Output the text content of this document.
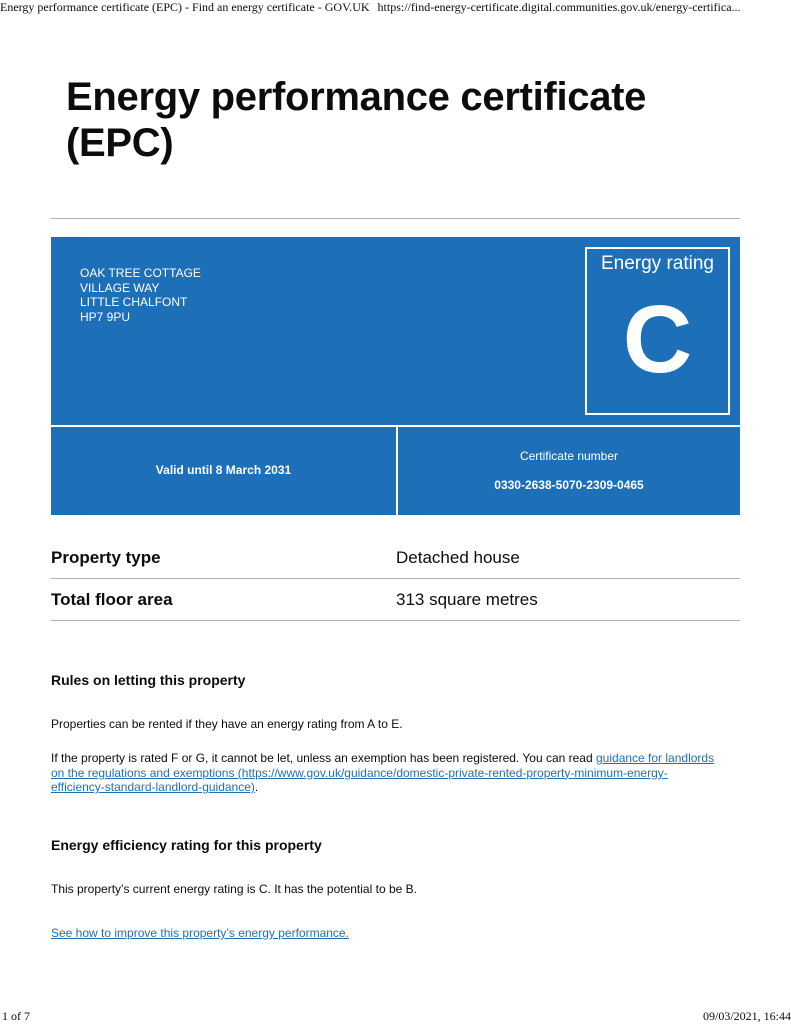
Energy performance certificate (EPC) - Find an energy certificate - GOV.UK https://find-energy-certificate.digital.communities.gov.uk/energy-certifica...
Energy performance certificate (EPC)
OAK TREE COTTAGE
VILLAGE WAY
LITTLE CHALFONT
HP7 9PU
Energy rating
C
Valid until 8 March 2031
Certificate number
0330-2638-5070-2309-0465
Property type	Detached house
Total floor area	313 square metres
Rules on letting this property

Properties can be rented if they have an energy rating from A to E.

If the property is rated F or G, it cannot be let, unless an exemption has been registered. You can read guidance for landlords on the regulations and exemptions (https://www.gov.uk/guidance/domestic-private-rented-property-minimum-energy-efficiency-standard-landlord-guidance).

Energy efficiency rating for this property

This property’s current energy rating is C. It has the potential to be B.

See how to improve this property’s energy performance.

1 of 7	09/03/2021, 16:44
